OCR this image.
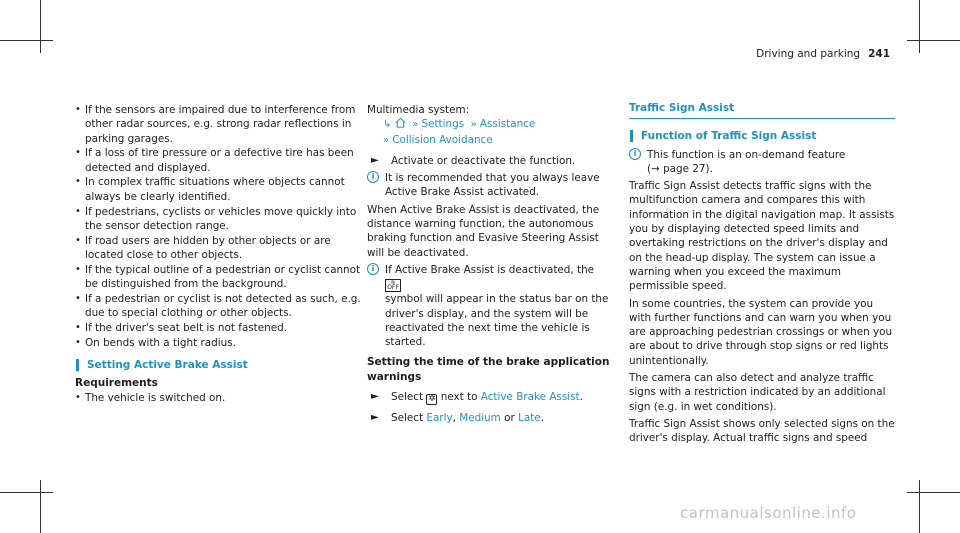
Driving and parking 241
• If the sensors are impaired due to interference from other radar sources, e.g. strong radar reflections in parking garages.
• If a loss of tire pressure or a defective tire has been detected and displayed.
• In complex traffic situations where objects cannot always be clearly identified.
• If pedestrians, cyclists or vehicles move quickly into the sensor detection range.
• If road users are hidden by other objects or are located close to other objects.
• If the typical outline of a pedestrian or cyclist cannot be distinguished from the background.
• If a pedestrian or cyclist is not detected as such, e.g. due to special clothing or other objects.
• If the driver's seat belt is not fastened.
• On bends with a tight radius.
Setting Active Brake Assist
Requirements
• The vehicle is switched on.
Multimedia system:
↳   » Settings  » Assistance
» Collision Avoidance
► Activate or deactivate the function.
i	It is recommended that you always leave Active Brake Assist activated.
When Active Brake Assist is deactivated, the distance warning function, the autonomous braking function and Evasive Steering Assist will be deactivated.
i	If Active Brake Assist is deactivated, the ≋
OFF
symbol will appear in the status bar on the driver's display, and the system will be reactivated the next time the vehicle is started.
Setting the time of the brake application warnings
► Select ✲ next to Active Brake Assist.
► Select Early, Medium or Late.
Traffic Sign Assist
Function of Traffic Sign Assist
i	This function is an on-demand feature
(→ page 27).
Traffic Sign Assist detects traffic signs with the multifunction camera and compares this with information in the digital navigation map. It assists you by displaying detected speed limits and overtaking restrictions on the driver's display and on the head-up display. The system can issue a warning when you exceed the maximum permissible speed.
In some countries, the system can provide you with further functions and can warn you when you are approaching pedestrian crossings or when you are about to drive through stop signs or red lights unintentionally.
The camera can also detect and analyze traffic signs with a restriction indicated by an additional sign (e.g. in wet conditions).
Traffic Sign Assist shows only selected signs on the driver's display. Actual traffic signs and speed
carmanualsonline.info
